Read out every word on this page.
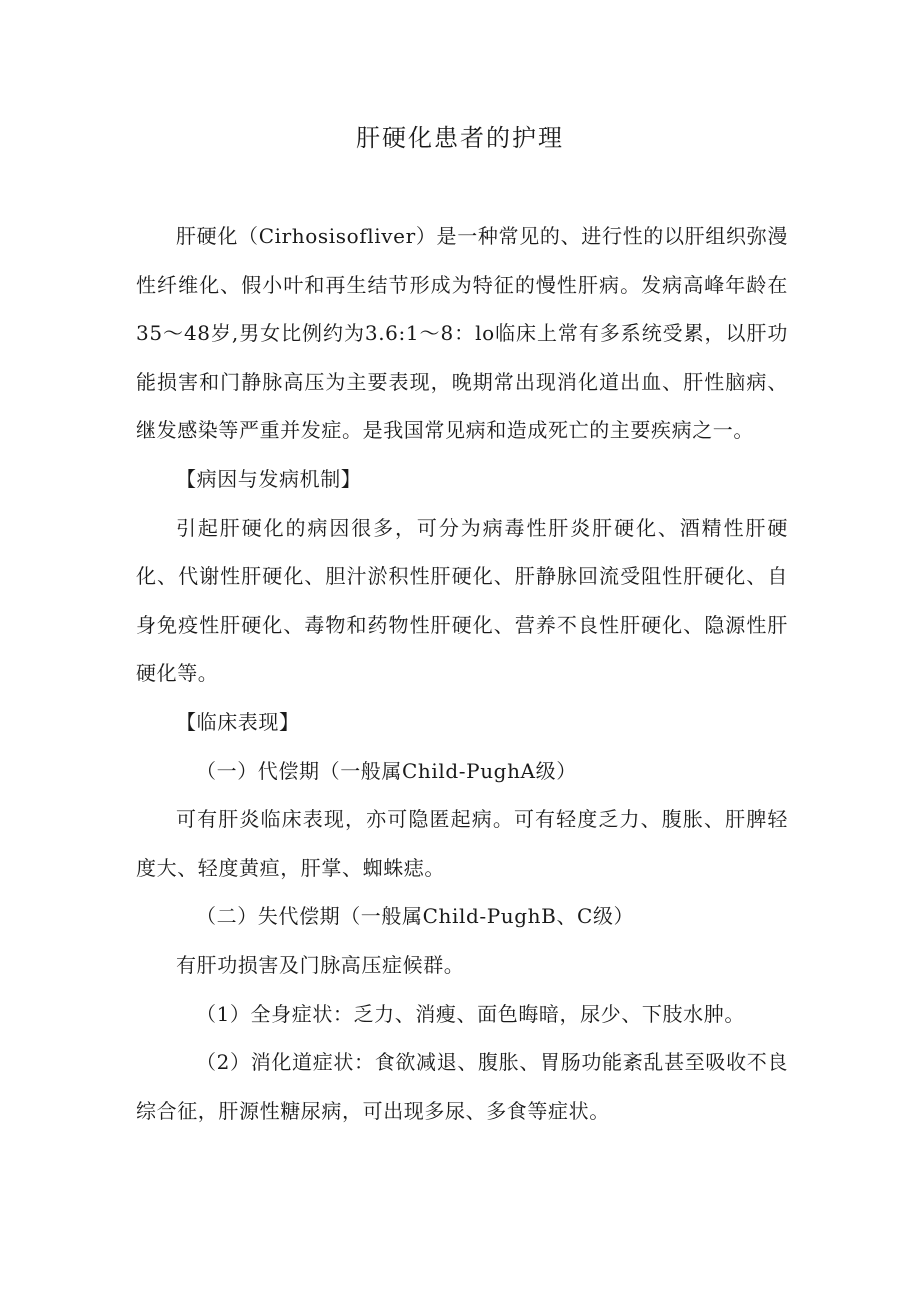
肝硬化患者的护理

肝硬化（Cirhosisofliver）是一种常见的、进行性的以肝组织弥漫性纤维化、假小叶和再生结节形成为特征的慢性肝病。发病高峰年龄在35～48岁,男女比例约为3.6:1～8：lo临床上常有多系统受累，以肝功能损害和门静脉高压为主要表现，晚期常出现消化道出血、肝性脑病、继发感染等严重并发症。是我国常见病和造成死亡的主要疾病之一。

【病因与发病机制】

引起肝硬化的病因很多，可分为病毒性肝炎肝硬化、酒精性肝硬化、代谢性肝硬化、胆汁淤积性肝硬化、肝静脉回流受阻性肝硬化、自身免疫性肝硬化、毒物和药物性肝硬化、营养不良性肝硬化、隐源性肝硬化等。

【临床表现】

（一）代偿期（一般属Child-PughA级）

可有肝炎临床表现，亦可隐匿起病。可有轻度乏力、腹胀、肝脾轻度大、轻度黄疸，肝掌、蜘蛛痣。

（二）失代偿期（一般属Child-PughB、C级）

有肝功损害及门脉高压症候群。

（1）全身症状：乏力、消瘦、面色晦暗，尿少、下肢水肿。

（2）消化道症状：食欲减退、腹胀、胃肠功能紊乱甚至吸收不良综合征，肝源性糖尿病，可出现多尿、多食等症状。
